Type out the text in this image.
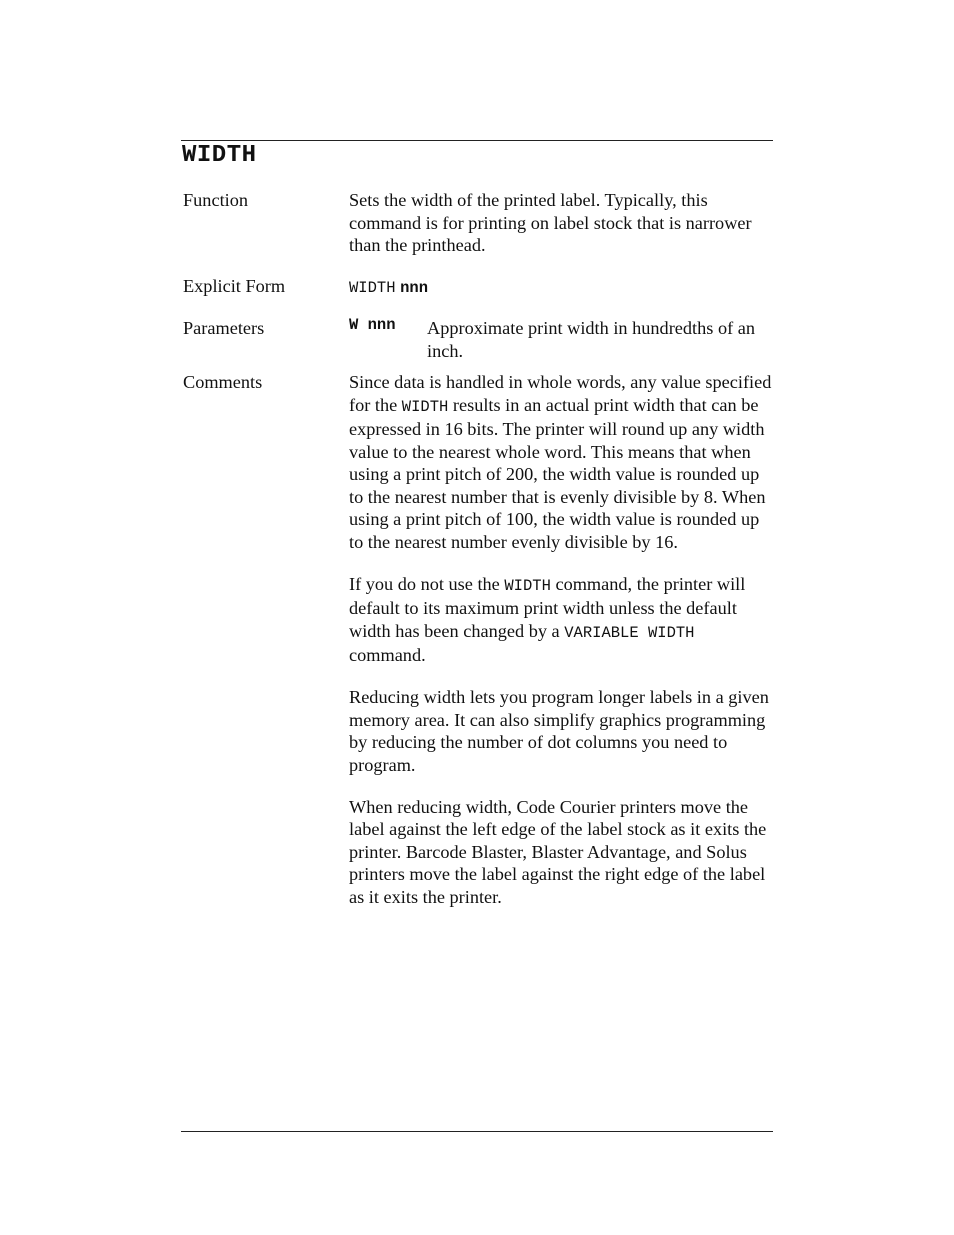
WIDTH
Function	Sets the width of the printed label. Typically, this command is for printing on label stock that is narrower than the printhead.

Explicit Form	WIDTH nnn
Parameters	W nnn Approximate print width in hundredths of an inch.
Comments	Since data is handled in whole words, any value specified for the WIDTH results in an actual print width that can be expressed in 16 bits. The printer will round up any width value to the nearest whole word. This means that when using a print pitch of 200, the width value is rounded up to the nearest number that is evenly divisible by 8. When using a print pitch of 100, the width value is rounded up to the nearest number evenly divisible by 16.

If you do not use the WIDTH command, the printer will default to its maximum print width unless the default width has been changed by a VARIABLE WIDTH command.

Reducing width lets you program longer labels in a given memory area. It can also simplify graphics programming by reducing the number of dot columns you need to program.

When reducing width, Code Courier printers move the label against the left edge of the label stock as it exits the printer. Barcode Blaster, Blaster Advantage, and Solus printers move the label against the right edge of the label as it exits the printer.
